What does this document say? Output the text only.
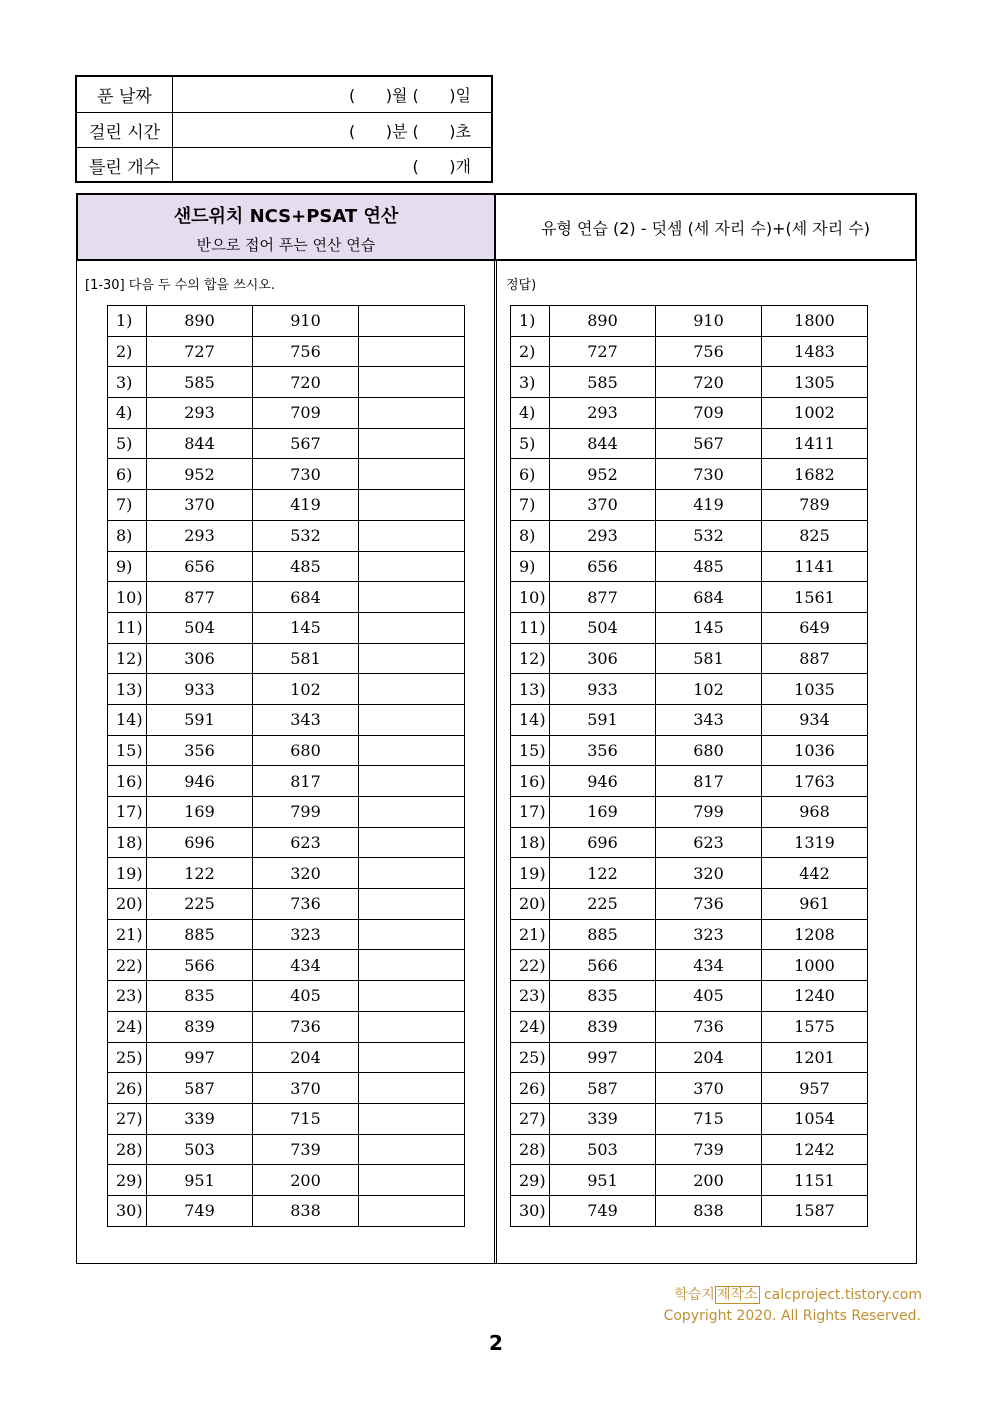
푼 날짜	(      )월 (      )일
걸린 시간	(      )분 (      )초
틀린 개수	(      )개
샌드위치 NCS+PSAT 연산
반으로 접어 푸는 연산 연습
유형 연습 (2) - 덧셈 (세 자리 수)+(세 자리 수)
[1-30] 다음 두 수의 합을 쓰시오.	정답)
1)	890	910	
2)	727	756	
3)	585	720	
4)	293	709	
5)	844	567	
6)	952	730	
7)	370	419	
8)	293	532	
9)	656	485	
10)	877	684	
11)	504	145	
12)	306	581	
13)	933	102	
14)	591	343	
15)	356	680	
16)	946	817	
17)	169	799	
18)	696	623	
19)	122	320	
20)	225	736	
21)	885	323	
22)	566	434	
23)	835	405	
24)	839	736	
25)	997	204	
26)	587	370	
27)	339	715	
28)	503	739	
29)	951	200	
30)	749	838	
1)	890	910	1800
2)	727	756	1483
3)	585	720	1305
4)	293	709	1002
5)	844	567	1411
6)	952	730	1682
7)	370	419	789
8)	293	532	825
9)	656	485	1141
10)	877	684	1561
11)	504	145	649
12)	306	581	887
13)	933	102	1035
14)	591	343	934
15)	356	680	1036
16)	946	817	1763
17)	169	799	968
18)	696	623	1319
19)	122	320	442
20)	225	736	961
21)	885	323	1208
22)	566	434	1000
23)	835	405	1240
24)	839	736	1575
25)	997	204	1201
26)	587	370	957
27)	339	715	1054
28)	503	739	1242
29)	951	200	1151
30)	749	838	1587
학습지 제작소 calcproject.tistory.com
Copyright 2020. All Rights Reserved.
2
